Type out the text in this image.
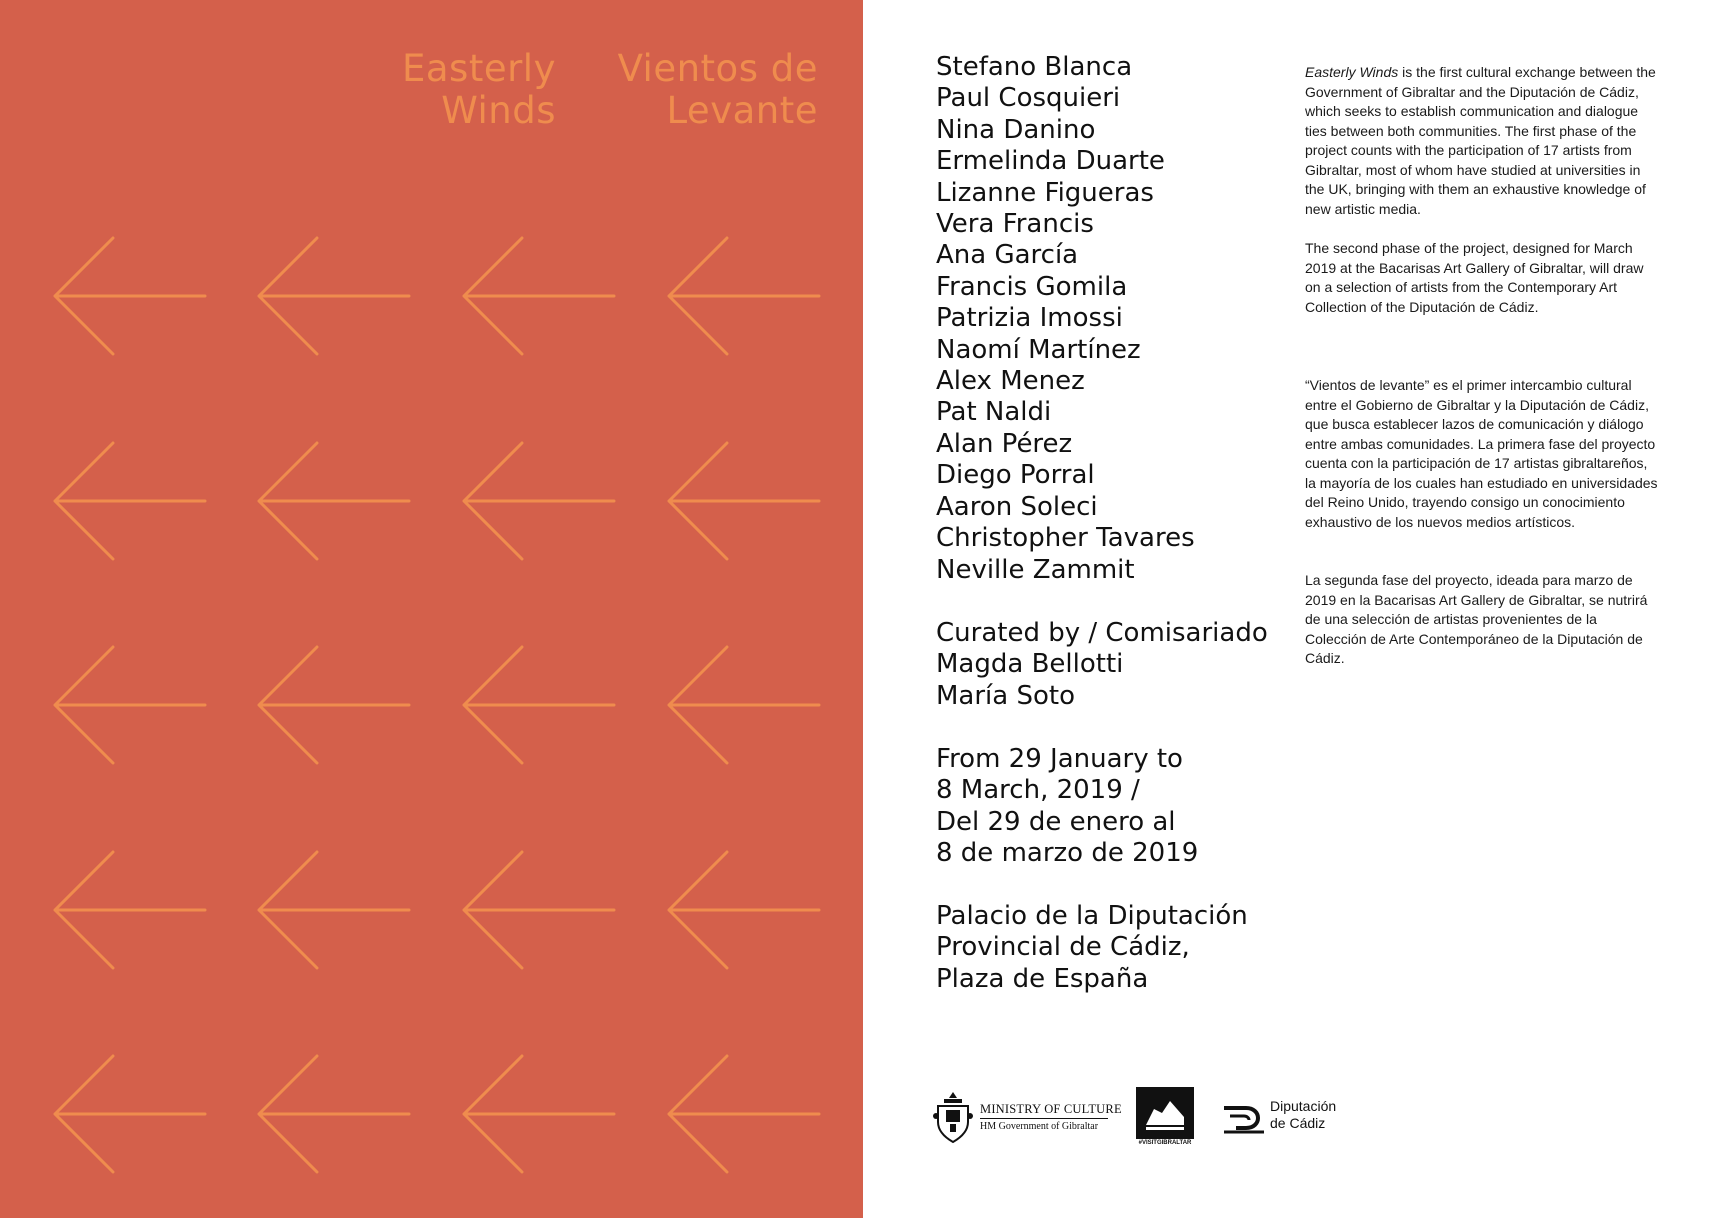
Easterly
Winds
Vientos de
Levante
Stefano Blanca
Paul Cosquieri
Nina Danino
Ermelinda Duarte
Lizanne Figueras
Vera Francis
Ana García
Francis Gomila
Patrizia Imossi
Naomí Martínez
Alex Menez
Pat Naldi
Alan Pérez
Diego Porral
Aaron Soleci
Christopher Tavares
Neville Zammit
Curated by / Comisariado
Magda Bellotti
María Soto
From 29 January to
8 March, 2019 /
Del 29 de enero al
8 de marzo de 2019
Palacio de la Diputación
Provincial de Cádiz,
Plaza de España

Easterly Winds is the first cultural exchange between the Government of Gibraltar and the Diputación de Cádiz, which seeks to establish communication and dialogue ties between both communities. The first phase of the project counts with the participation of 17 artists from Gibraltar, most of whom have studied at universities in the UK, bringing with them an exhaustive knowledge of new artistic media.

The second phase of the project, designed for March 2019 at the Bacarisas Art Gallery of Gibraltar, will draw on a selection of artists from the Contemporary Art Collection of the Diputación de Cádiz.

“Vientos de levante” es el primer intercambio cultural entre el Gobierno de Gibraltar y la Diputación de Cádiz, que busca establecer lazos de comunicación y diálogo entre ambas comunidades. La primera fase del proyecto cuenta con la participación de 17 artistas gibraltareños, la mayoría de los cuales han estudiado en universidades del Reino Unido, trayendo consigo un conocimiento exhaustivo de los nuevos medios artísticos.

La segunda fase del proyecto, ideada para marzo de 2019 en la Bacarisas Art Gallery de Gibraltar, se nutrirá de una selección de artistas provenientes de la Colección de Arte Contemporáneo de la Diputación de Cádiz.

MINISTRY OF CULTURE
HM Government of Gibraltar
#VISITGIBRALTAR
Diputación
de Cádiz
